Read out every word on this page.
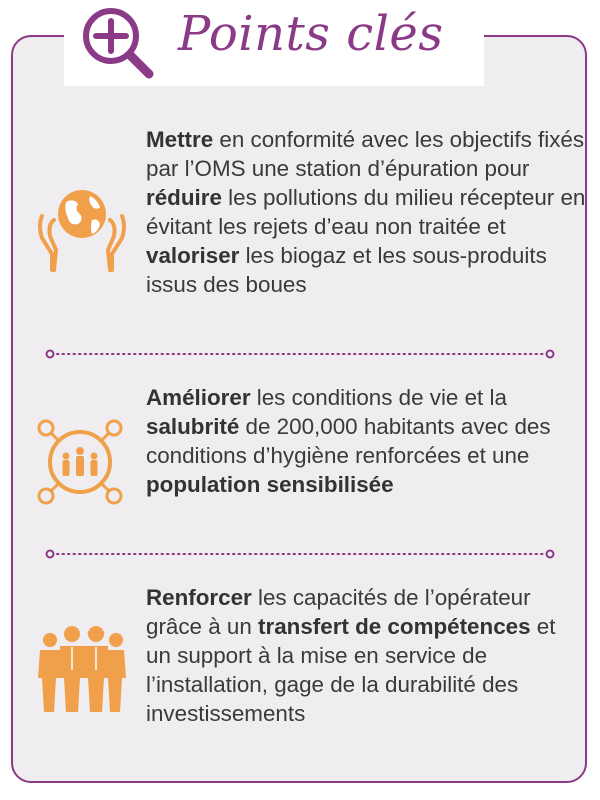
Points clés

Mettre en conformité avec les objectifs fixés par l’OMS une station d’épuration pour réduire les pollutions du milieu récepteur en évitant les rejets d’eau non traitée et valoriser les biogaz et les sous-produits issus des boues

Améliorer les conditions de vie et la salubrité de 200,000 habitants avec des conditions d’hygiène renforcées et une population sensibilisée

Renforcer les capacités de l’opérateur grâce à un transfert de compétences et un support à la mise en service de l’installation, gage de la durabilité des investissements
